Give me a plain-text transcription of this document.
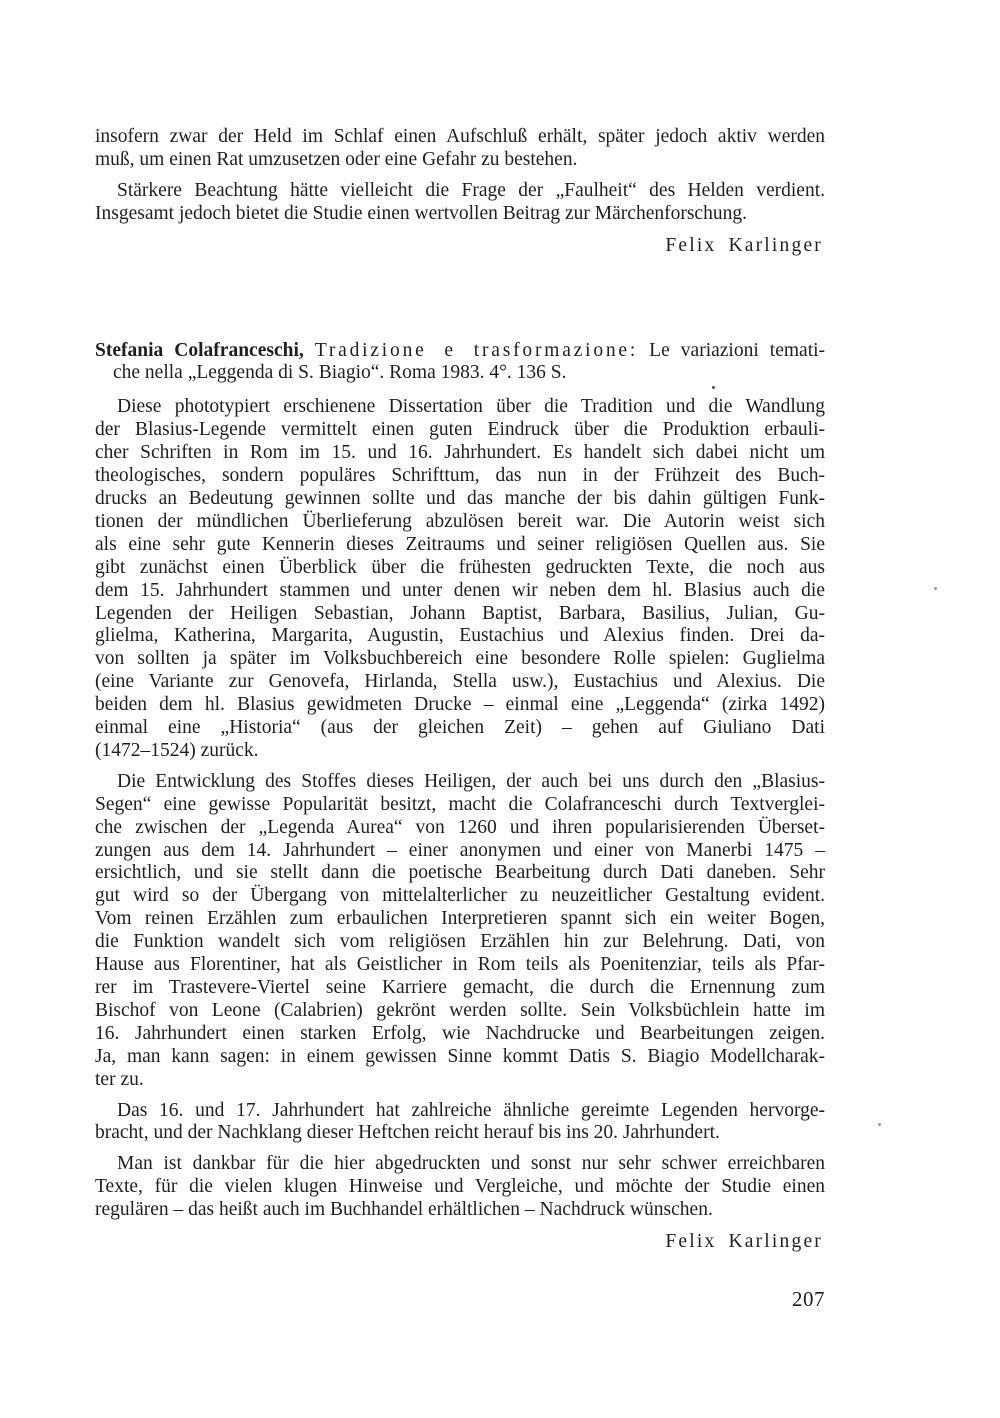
insofern zwar der Held im Schlaf einen Aufschluß erhält, später jedoch aktiv werden
muß, um einen Rat umzusetzen oder eine Gefahr zu bestehen.
Stärkere Beachtung hätte vielleicht die Frage der „Faulheit“ des Helden verdient.
Insgesamt jedoch bietet die Studie einen wertvollen Beitrag zur Märchenforschung.
Felix Karlinger
Stefania Colafranceschi, Tradizione e trasformazione: Le variazioni temati-
che nella „Leggenda di S. Biagio“. Roma 1983. 4°. 136 S.
Diese phototypiert erschienene Dissertation über die Tradition und die Wandlung
der Blasius-Legende vermittelt einen guten Eindruck über die Produktion erbauli-
cher Schriften in Rom im 15. und 16. Jahrhundert. Es handelt sich dabei nicht um
theologisches, sondern populäres Schrifttum, das nun in der Frühzeit des Buch-
drucks an Bedeutung gewinnen sollte und das manche der bis dahin gültigen Funk-
tionen der mündlichen Überlieferung abzulösen bereit war. Die Autorin weist sich
als eine sehr gute Kennerin dieses Zeitraums und seiner religiösen Quellen aus. Sie
gibt zunächst einen Überblick über die frühesten gedruckten Texte, die noch aus
dem 15. Jahrhundert stammen und unter denen wir neben dem hl. Blasius auch die
Legenden der Heiligen Sebastian, Johann Baptist, Barbara, Basilius, Julian, Gu-
glielma, Katherina, Margarita, Augustin, Eustachius und Alexius finden. Drei da-
von sollten ja später im Volksbuchbereich eine besondere Rolle spielen: Guglielma
(eine Variante zur Genovefa, Hirlanda, Stella usw.), Eustachius und Alexius. Die
beiden dem hl. Blasius gewidmeten Drucke – einmal eine „Leggenda“ (zirka 1492)
einmal eine „Historia“ (aus der gleichen Zeit) – gehen auf Giuliano Dati
(1472–1524) zurück.
Die Entwicklung des Stoffes dieses Heiligen, der auch bei uns durch den „Blasius-
Segen“ eine gewisse Popularität besitzt, macht die Colafranceschi durch Textverglei-
che zwischen der „Legenda Aurea“ von 1260 und ihren popularisierenden Überset-
zungen aus dem 14. Jahrhundert – einer anonymen und einer von Manerbi 1475 –
ersichtlich, und sie stellt dann die poetische Bearbeitung durch Dati daneben. Sehr
gut wird so der Übergang von mittelalterlicher zu neuzeitlicher Gestaltung evident.
Vom reinen Erzählen zum erbaulichen Interpretieren spannt sich ein weiter Bogen,
die Funktion wandelt sich vom religiösen Erzählen hin zur Belehrung. Dati, von
Hause aus Florentiner, hat als Geistlicher in Rom teils als Poenitenziar, teils als Pfar-
rer im Trastevere-Viertel seine Karriere gemacht, die durch die Ernennung zum
Bischof von Leone (Calabrien) gekrönt werden sollte. Sein Volksbüchlein hatte im
16. Jahrhundert einen starken Erfolg, wie Nachdrucke und Bearbeitungen zeigen.
Ja, man kann sagen: in einem gewissen Sinne kommt Datis S. Biagio Modellcharak-
ter zu.
Das 16. und 17. Jahrhundert hat zahlreiche ähnliche gereimte Legenden hervorge-
bracht, und der Nachklang dieser Heftchen reicht herauf bis ins 20. Jahrhundert.
Man ist dankbar für die hier abgedruckten und sonst nur sehr schwer erreichbaren
Texte, für die vielen klugen Hinweise und Vergleiche, und möchte der Studie einen
regulären – das heißt auch im Buchhandel erhältlichen – Nachdruck wünschen.
Felix Karlinger
207
